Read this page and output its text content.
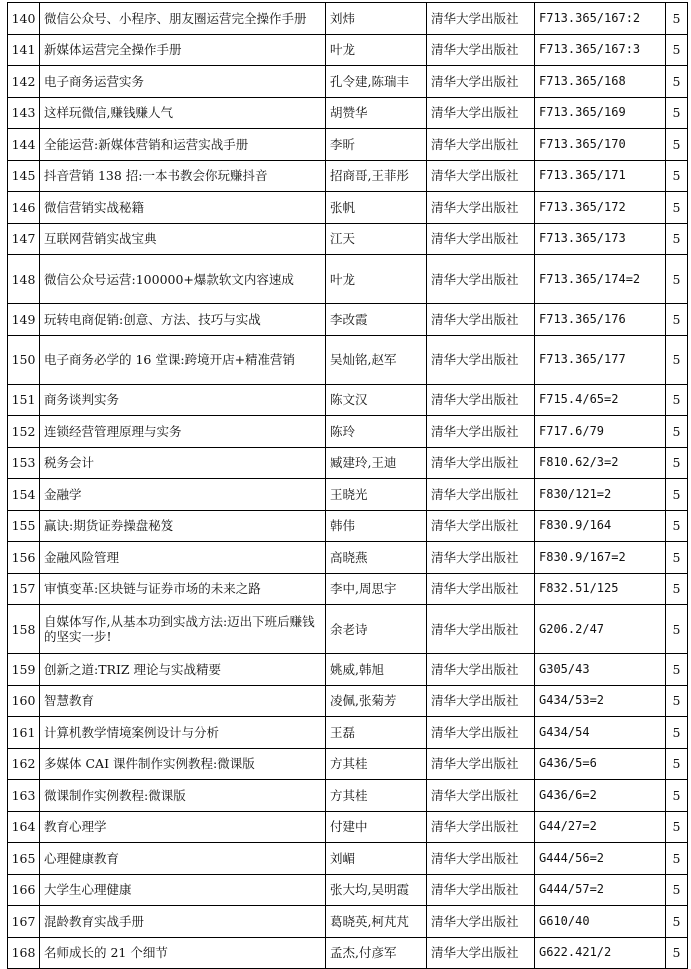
140	微信公众号、小程序、朋友圈运营完全操作手册	刘炜	清华大学出版社	F713.365/167:2	5
141	新媒体运营完全操作手册	叶龙	清华大学出版社	F713.365/167:3	5
142	电子商务运营实务	孔令建,陈瑞丰	清华大学出版社	F713.365/168	5
143	这样玩微信,赚钱赚人气	胡赞华	清华大学出版社	F713.365/169	5
144	全能运营:新媒体营销和运营实战手册	李昕	清华大学出版社	F713.365/170	5
145	抖音营销 138 招:一本书教会你玩赚抖音	招商哥,王菲彤	清华大学出版社	F713.365/171	5
146	微信营销实战秘籍	张帆	清华大学出版社	F713.365/172	5
147	互联网营销实战宝典	江天	清华大学出版社	F713.365/173	5
148	微信公众号运营:100000+爆款软文内容速成	叶龙	清华大学出版社	F713.365/174=2	5
149	玩转电商促销:创意、方法、技巧与实战	李改霞	清华大学出版社	F713.365/176	5
150	电子商务必学的 16 堂课:跨境开店+精准营销	吴灿铭,赵军	清华大学出版社	F713.365/177	5
151	商务谈判实务	陈文汉	清华大学出版社	F715.4/65=2	5
152	连锁经营管理原理与实务	陈玲	清华大学出版社	F717.6/79	5
153	税务会计	臧建玲,王迪	清华大学出版社	F810.62/3=2	5
154	金融学	王晓光	清华大学出版社	F830/121=2	5
155	赢诀:期货证券操盘秘笈	韩伟	清华大学出版社	F830.9/164	5
156	金融风险管理	高晓燕	清华大学出版社	F830.9/167=2	5
157	审慎变革:区块链与证券市场的未来之路	李中,周思宇	清华大学出版社	F832.51/125	5
158	自媒体写作,从基本功到实战方法:迈出下班后赚钱的坚实一步!	余老诗	清华大学出版社	G206.2/47	5
159	创新之道:TRIZ 理论与实战精要	姚威,韩旭	清华大学出版社	G305/43	5
160	智慧教育	凌佩,张菊芳	清华大学出版社	G434/53=2	5
161	计算机教学情境案例设计与分析	王磊	清华大学出版社	G434/54	5
162	多媒体 CAI 课件制作实例教程:微课版	方其桂	清华大学出版社	G436/5=6	5
163	微课制作实例教程:微课版	方其桂	清华大学出版社	G436/6=2	5
164	教育心理学	付建中	清华大学出版社	G44/27=2	5
165	心理健康教育	刘嵋	清华大学出版社	G444/56=2	5
166	大学生心理健康	张大均,吴明霞	清华大学出版社	G444/57=2	5
167	混龄教育实战手册	葛晓英,柯芃芃	清华大学出版社	G610/40	5
168	名师成长的 21 个细节	孟杰,付彦军	清华大学出版社	G622.421/2	5
